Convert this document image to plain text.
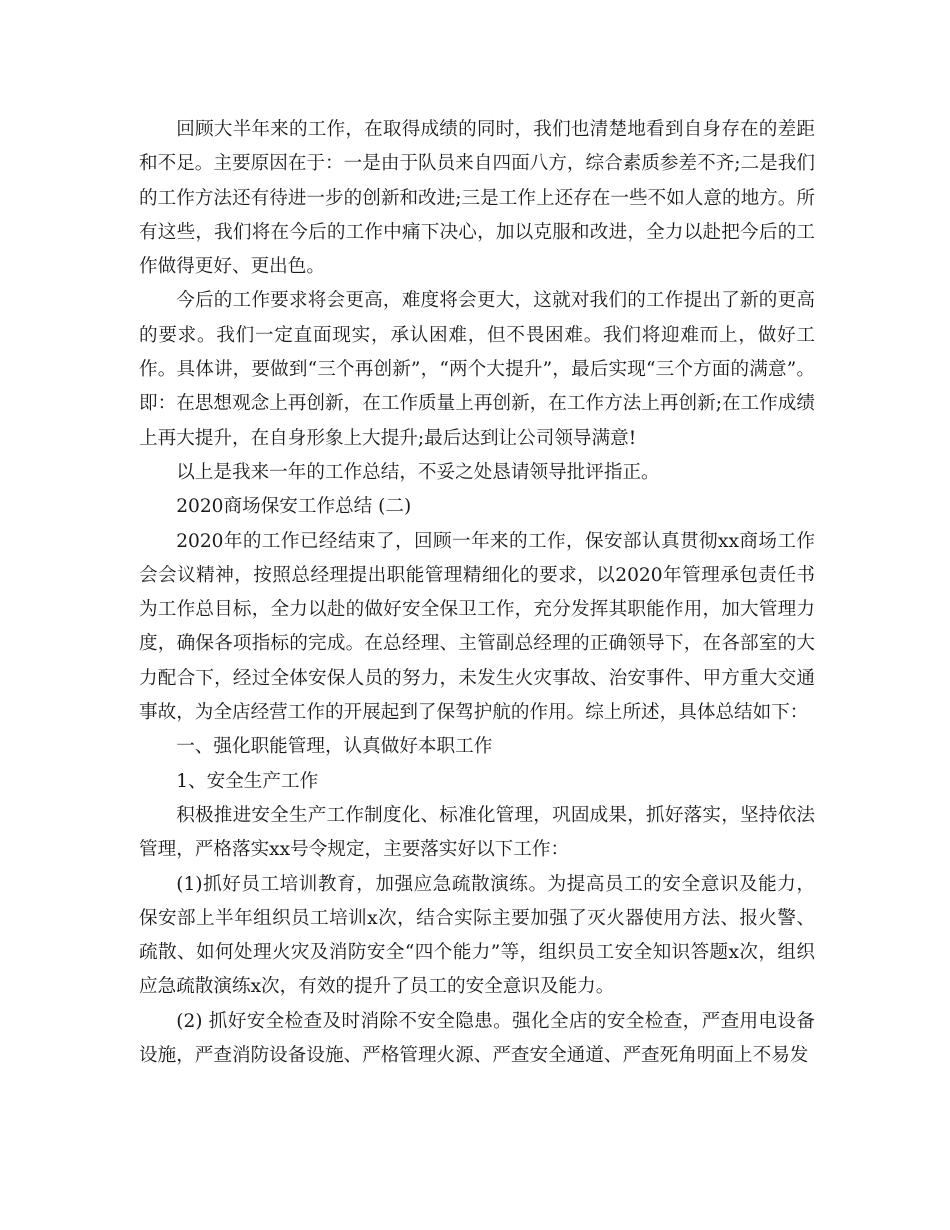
回顾大半年来的工作，在取得成绩的同时，我们也清楚地看到自身存在的差距和不足。主要原因在于：一是由于队员来自四面八方，综合素质参差不齐;二是我们的工作方法还有待进一步的创新和改进;三是工作上还存在一些不如人意的地方。所有这些，我们将在今后的工作中痛下决心，加以克服和改进，全力以赴把今后的工作做得更好、更出色。

今后的工作要求将会更高，难度将会更大，这就对我们的工作提出了新的更高的要求。我们一定直面现实，承认困难，但不畏困难。我们将迎难而上，做好工作。具体讲，要做到“三个再创新”，“两个大提升”，最后实现“三个方面的满意”。即：在思想观念上再创新，在工作质量上再创新，在工作方法上再创新;在工作成绩上再大提升，在自身形象上大提升;最后达到让公司领导满意!

以上是我来一年的工作总结，不妥之处恳请领导批评指正。

2020商场保安工作总结 (二)

2020年的工作已经结束了，回顾一年来的工作，保安部认真贯彻xx商场工作会会议精神，按照总经理提出职能管理精细化的要求，以2020年管理承包责任书为工作总目标，全力以赴的做好安全保卫工作，充分发挥其职能作用，加大管理力度，确保各项指标的完成。在总经理、主管副总经理的正确领导下，在各部室的大力配合下，经过全体安保人员的努力，未发生火灾事故、治安事件、甲方重大交通事故，为全店经营工作的开展起到了保驾护航的作用。综上所述，具体总结如下：

一、强化职能管理，认真做好本职工作

1、安全生产工作

积极推进安全生产工作制度化、标准化管理，巩固成果，抓好落实，坚持依法管理，严格落实xx号令规定，主要落实好以下工作：

(1)抓好员工培训教育，加强应急疏散演练。为提高员工的安全意识及能力，保安部上半年组织员工培训x次，结合实际主要加强了灭火器使用方法、报火警、疏散、如何处理火灾及消防安全“四个能力”等，组织员工安全知识答题x次，组织应急疏散演练x次，有效的提升了员工的安全意识及能力。

(2) 抓好安全检查及时消除不安全隐患。强化全店的安全检查，严查用电设备设施，严查消防设备设施、严格管理火源、严查安全通道、严查死角明面上不易发
